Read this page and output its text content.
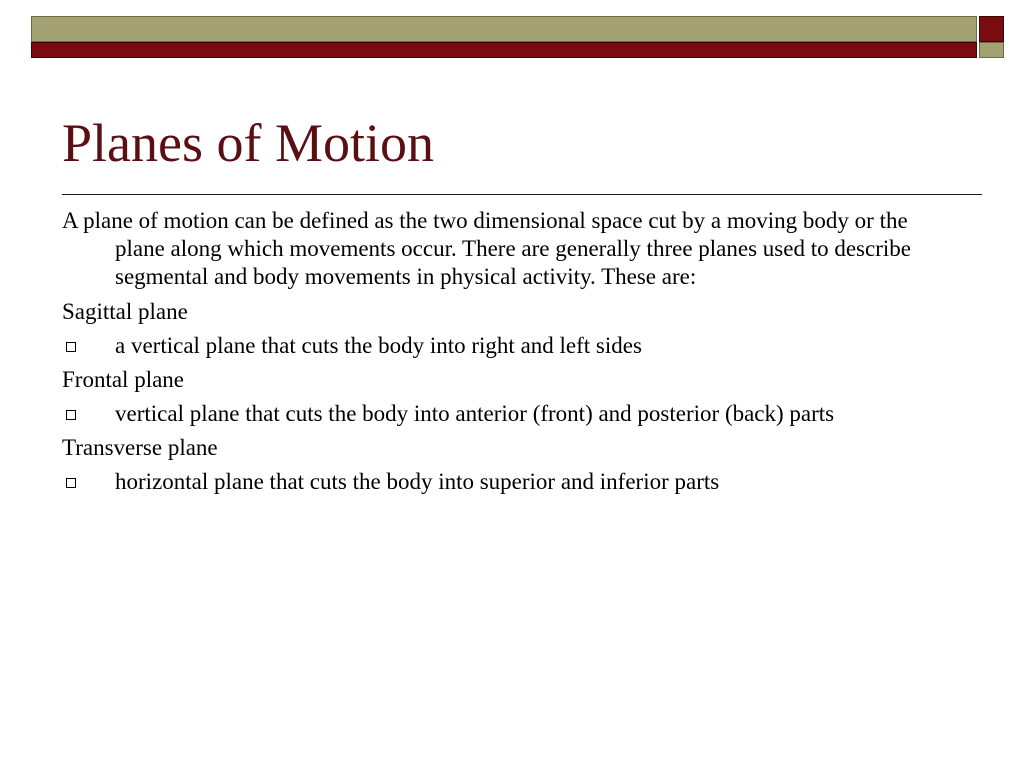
Planes of Motion

A plane of motion can be defined as the two dimensional space cut by a moving body or the plane along which movements occur. There are generally three planes used to describe segmental and body movements in physical activity. These are:

Sagittal plane

a vertical plane that cuts the body into right and left sides

Frontal plane

vertical plane that cuts the body into anterior (front) and posterior (back) parts

Transverse plane

horizontal plane that cuts the body into superior and inferior parts
